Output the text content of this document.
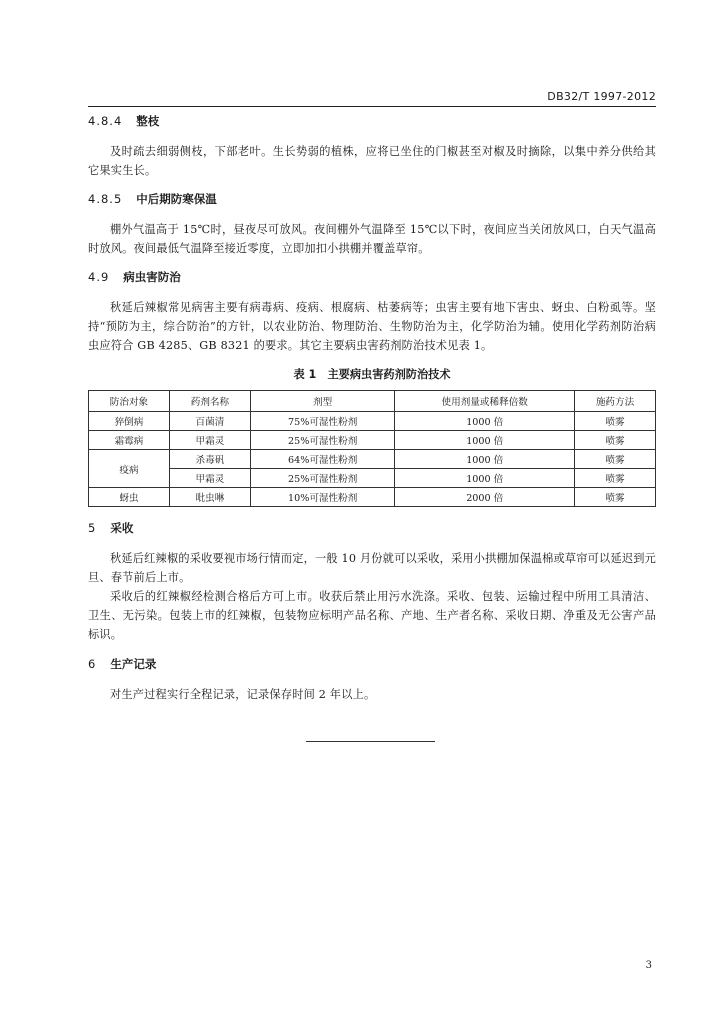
DB32/T 1997-2012
4.8.4 整枝

及时疏去细弱侧枝，下部老叶。生长势弱的植株，应将已坐住的门椒甚至对椒及时摘除，以集中养分供给其它果实生长。

4.8.5 中后期防寒保温

棚外气温高于 15℃时，昼夜尽可放风。夜间棚外气温降至 15℃以下时，夜间应当关闭放风口，白天气温高时放风。夜间最低气温降至接近零度，立即加扣小拱棚并覆盖草帘。

4.9 病虫害防治

秋延后辣椒常见病害主要有病毒病、疫病、根腐病、枯萎病等；虫害主要有地下害虫、蚜虫、白粉虱等。坚持“预防为主，综合防治”的方针，以农业防治、物理防治、生物防治为主，化学防治为辅。使用化学药剂防治病虫应符合 GB 4285、GB 8321 的要求。其它主要病虫害药剂防治技术见表 1。

表 1　主要病虫害药剂防治技术
防治对象	药剂名称	剂型	使用剂量或稀释倍数	施药方法
猝倒病	百菌清	75%可湿性粉剂	1000 倍	喷雾
霜霉病	甲霜灵	25%可湿性粉剂	1000 倍	喷雾
疫病	杀毒矾	64%可湿性粉剂	1000 倍	喷雾
	甲霜灵	25%可湿性粉剂	1000 倍	喷雾
蚜虫	吡虫啉	10%可湿性粉剂	2000 倍	喷雾
5 采收

秋延后红辣椒的采收要视市场行情而定，一般 10 月份就可以采收，采用小拱棚加保温棉或草帘可以延迟到元旦、春节前后上市。

采收后的红辣椒经检测合格后方可上市。收获后禁止用污水洗涤。采收、包装、运输过程中所用工具清洁、卫生、无污染。包装上市的红辣椒，包装物应标明产品名称、产地、生产者名称、采收日期、净重及无公害产品标识。

6 生产记录

对生产过程实行全程记录，记录保存时间 2 年以上。

3
